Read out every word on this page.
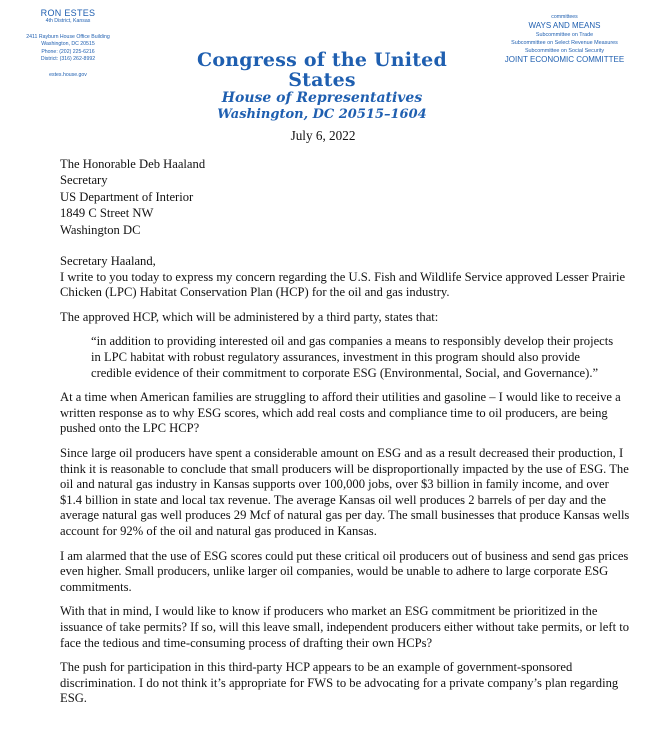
RON ESTES
4th District, Kansas
2411 Rayburn House Office Building
Washington, DC 20515
Phone: (202) 225-6216
District: (316) 262-8992
estes.house.gov
Congress of the United States
House of Representatives
Washington, DC 20515–1604
committees
WAYS AND MEANS
Subcommittee on Trade
Subcommittee on Select Revenue Measures
Subcommittee on Social Security
JOINT ECONOMIC COMMITTEE
July 6, 2022
The Honorable Deb Haaland
Secretary
US Department of Interior
1849 C Street NW
Washington DC

Secretary Haaland,

I write to you today to express my concern regarding the U.S. Fish and Wildlife Service approved Lesser Prairie Chicken (LPC) Habitat Conservation Plan (HCP) for the oil and gas industry.

The approved HCP, which will be administered by a third party, states that:

“in addition to providing interested oil and gas companies a means to responsibly develop their projects in LPC habitat with robust regulatory assurances, investment in this program should also provide credible evidence of their commitment to corporate ESG (Environmental, Social, and Governance).”

At a time when American families are struggling to afford their utilities and gasoline – I would like to receive a written response as to why ESG scores, which add real costs and compliance time to oil producers, are being pushed onto the LPC HCP?

Since large oil producers have spent a considerable amount on ESG and as a result decreased their production, I think it is reasonable to conclude that small producers will be disproportionally impacted by the use of ESG. The oil and natural gas industry in Kansas supports over 100,000 jobs, over $3 billion in family income, and over $1.4 billion in state and local tax revenue. The average Kansas oil well produces 2 barrels of per day and the average natural gas well produces 29 Mcf of natural gas per day. The small businesses that produce Kansas wells account for 92% of the oil and natural gas produced in Kansas.

I am alarmed that the use of ESG scores could put these critical oil producers out of business and send gas prices even higher. Small producers, unlike larger oil companies, would be unable to adhere to large corporate ESG commitments.

With that in mind, I would like to know if producers who market an ESG commitment be prioritized in the issuance of take permits? If so, will this leave small, independent producers either without take permits, or left to face the tedious and time-consuming process of drafting their own HCPs?

The push for participation in this third-party HCP appears to be an example of government-sponsored discrimination. I do not think it’s appropriate for FWS to be advocating for a private company’s plan regarding ESG.
